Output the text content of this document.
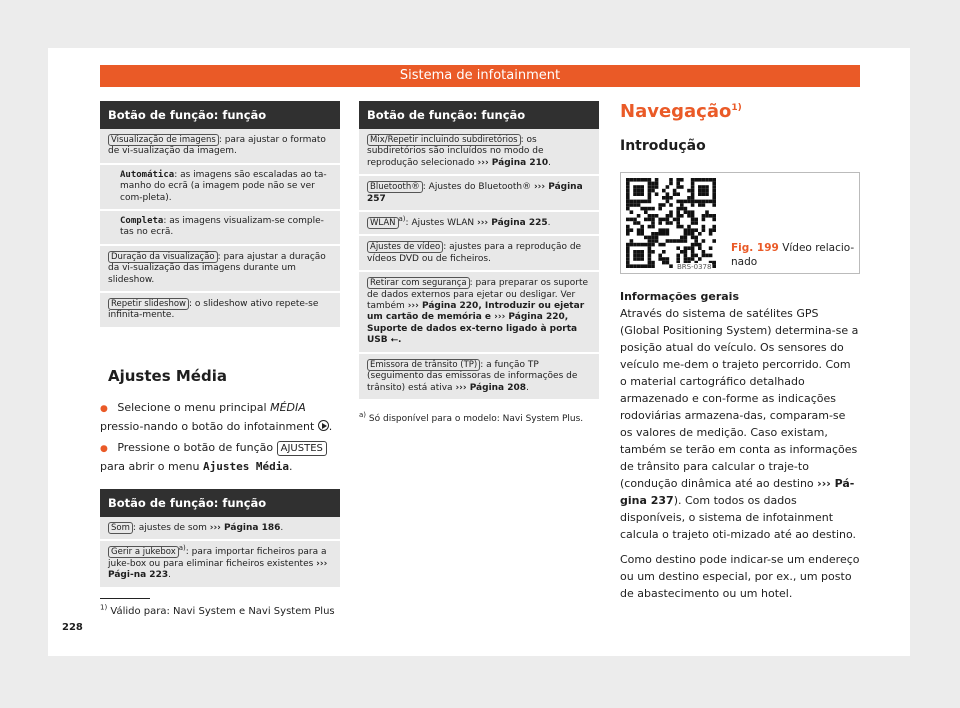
Sistema de infotainment
Botão de função: função
Visualização de imagens : para ajustar o formato de vi-sualização da imagem.
Automática: as imagens são escaladas ao ta-manho do ecrã (a imagem pode não se ver com-pleta).
Completa: as imagens visualizam-se comple-tas no ecrã.
Duração da visualização : para ajustar a duração da vi-sualização das imagens durante um slideshow.
Repetir slideshow : o slideshow ativo repete-se infinita-mente.
Ajustes Média
● Selecione o menu principal MÉDIA pressio-nando o botão do infotainment .
● Pressione o botão de função AJUSTES para abrir o menu Ajustes Média.
Botão de função: função
Som : ajustes de som ››› Página 186.
Gerir a jukebox $^{a)}$: para importar ficheiros para a juke-box ou para eliminar ficheiros existentes ››› Pági-na 223.
Botão de função: função
Mix/Repetir incluindo subdiretórios : os subdiretórios são incluídos no modo de reprodução selecionado ››› Página 210.
Bluetooth® : Ajustes do Bluetooth® ››› Página 257
WLAN $^{a)}$: Ajustes WLAN ››› Página 225.
Ajustes de vídeo : ajustes para a reprodução de vídeos DVD ou de ficheiros.
Retirar com segurança : para preparar os suporte de dados externos para ejetar ou desligar. Ver também ››› Página 220, Introduzir ou ejetar um cartão de memória e ››› Página 220, Suporte de dados ex-terno ligado à porta USB ⭠.
Emissora de trânsito (TP) : a função TP (seguimento das emissoras de informações de trânsito) está ativa ››› Página 208.
$^{a)}$ Só disponível para o modelo: Navi System Plus.
Navegação$^{1)}$
Introdução
BRS-0378
Fig. 199 Vídeo relacio-nado
Informações gerais
Através do sistema de satélites GPS (Global Positioning System) determina-se a posição atual do veículo. Os sensores do veículo me-dem o trajeto percorrido. Com o material cartográfico detalhado armazenado e con-forme as indicações rodoviárias armazena-das, comparam-se os valores de medição. Caso existam, também se terão em conta as informações de trânsito para calcular o traje-to (condução dinâmica até ao destino ››› Pá-gina 237). Com todos os dados disponíveis, o sistema de infotainment calcula o trajeto oti-mizado até ao destino.
Como destino pode indicar-se um endereço ou um destino especial, por ex., um posto de abastecimento ou um hotel.
$^{1)}$ Válido para: Navi System e Navi System Plus
228
